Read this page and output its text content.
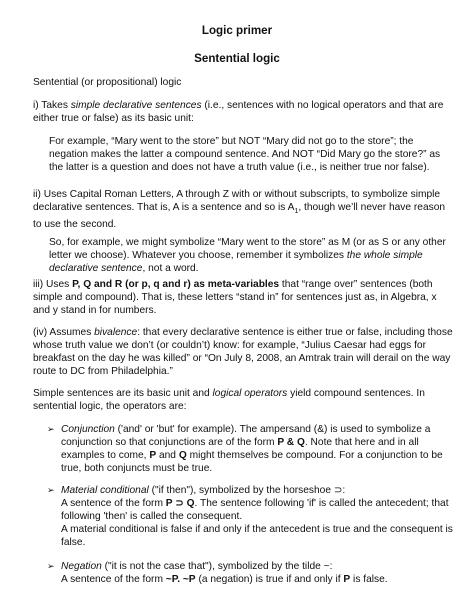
Logic primer
Sentential logic

Sentential (or propositional) logic

i) Takes simple declarative sentences (i.e., sentences with no logical operators and that are either true or false) as its basic unit:

For example, “Mary went to the store” but NOT “Mary did not go to the store”; the negation makes the latter a compound sentence. And NOT “Did Mary go the store?” as the latter is a question and does not have a truth value (i.e., is neither true nor false).

ii) Uses Capital Roman Letters, A through Z with or without subscripts, to symbolize simple declarative sentences. That is, A is a sentence and so is $A_1$, though we’ll never have reason to use the second.

So, for example, we might symbolize “Mary went to the store” as M (or as S or any other letter we choose). Whatever you choose, remember it symbolizes the whole simple declarative sentence, not a word.

iii) Uses P, Q and R (or p, q and r) as meta-variables that “range over” sentences (both simple and compound). That is, these letters “stand in” for sentences just as, in Algebra, x and y stand in for numbers.

(iv) Assumes bivalence: that every declarative sentence is either true or false, including those whose truth value we don’t (or couldn’t) know: for example, “Julius Caesar had eggs for breakfast on the day he was killed” or “On July 8, 2008, an Amtrak train will derail on the way route to DC from Philadelphia.”

Simple sentences are its basic unit and logical operators yield compound sentences. In sentential logic, the operators are:

➢ Conjunction ('and' or 'but' for example). The ampersand (&) is used to symbolize a conjunction so that conjunctions are of the form P & Q. Note that here and in all examples to come, P and Q might themselves be compound. For a conjunction to be true, both conjuncts must be true.

➢ Material conditional ("if then"), symbolized by the horseshoe ⊃:
A sentence of the form P ⊃ Q. The sentence following 'if' is called the antecedent; that following 'then' is called the consequent.
A material conditional is false if and only if the antecedent is true and the consequent is false.

➢ Negation ("it is not the case that"), symbolized by the tilde ~:
A sentence of the form ~P. ~P (a negation) is true if and only if P is false.
